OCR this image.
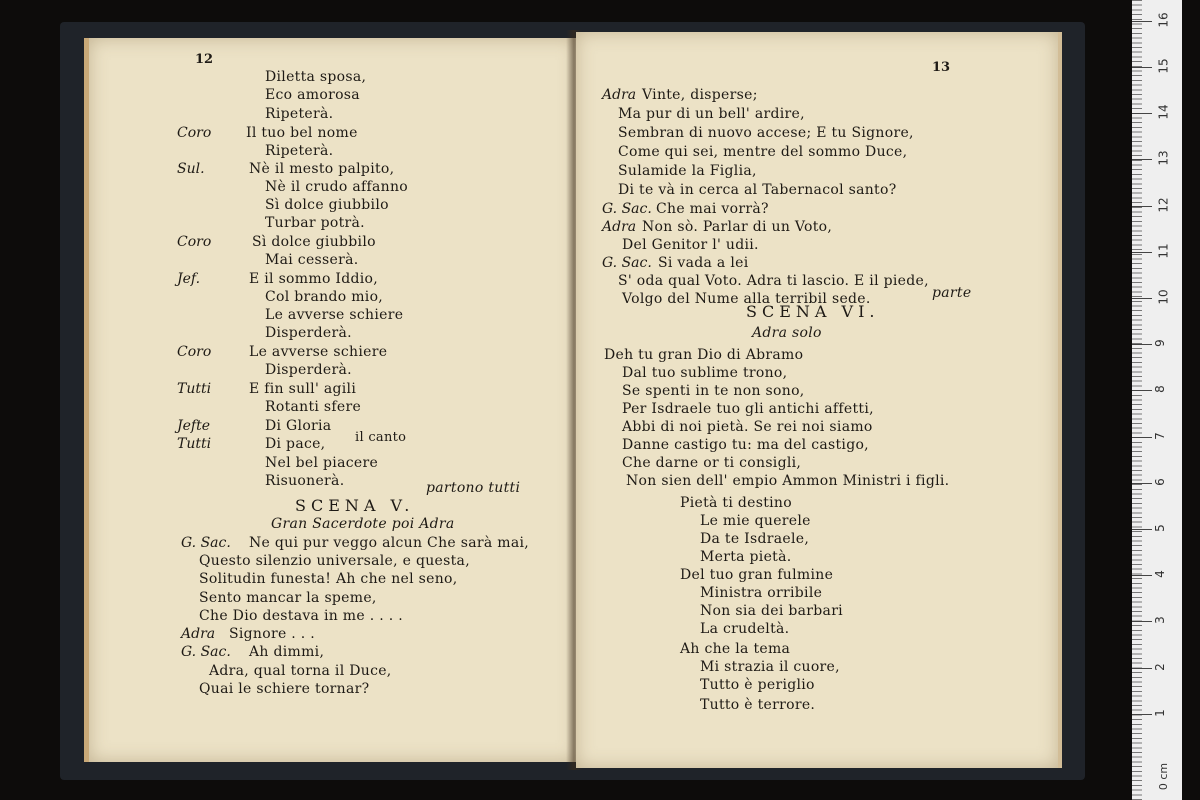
12
Diletta sposa,
Eco amorosa
Ripeterà.
Coro Il tuo bel nome
Ripeterà.
Sul.	Nè il mesto palpito,
Nè il crudo affanno
Sì dolce giubbilo
Turbar potrà.
Coro	Sì dolce giubbilo
Mai cesserà.
Jef.	E il sommo Iddio,
Col brando mio,
Le avverse schiere
Disperderà.
Coro	Le avverse schiere
Disperderà.
Tutti	E fin sull' agili
Rotanti sfere
Jefte	Di Gloria
Tutti	Di pace,
Nel bel piacere
Risuonerà.
il canto
partono tutti
SCENA V.
Gran Sacerdote poi Adra
G. Sac. Ne qui pur veggo alcun Che sarà mai,
Questo silenzio universale, e questa,
Solitudin funesta! Ah che nel seno,
Sento mancar la speme,
Che Dio destava in me . . . .
Adra Signore . . .
G. Sac. Ah dimmi,
Adra, qual torna il Duce,
Quai le schiere tornar?
13
Adra Vinte, disperse;
Ma pur di un bell' ardire,
Sembran di nuovo accese; E tu Signore,
Come qui sei, mentre del sommo Duce,
Sulamide la Figlia,
Di te và in cerca al Tabernacol santo?
G. Sac. Che mai vorrà?
Adra Non sò. Parlar di un Voto,
Del Genitor l' udii.
G. Sac. Si vada a lei
S' oda qual Voto. Adra ti lascio. E il piede,
Volgo del Nume alla terribil sede.	parte
SCENA VI.
Adra solo
Deh tu gran Dio di Abramo
Dal tuo sublime trono,
Se spenti in te non sono,
Per Isdraele tuo gli antichi affetti,
Abbi di noi pietà. Se rei noi siamo
Danne castigo tu: ma del castigo,
Che darne or ti consigli,
Non sien dell' empio Ammon Ministri i figli.
Pietà ti destino
Le mie querele
Da te Isdraele,
Merta pietà.
Del tuo gran fulmine
Ministra orribile
Non sia dei barbari
La crudeltà.
Ah che la tema
Mi strazia il cuore,
Tutto è periglio
Tutto è terrore.
0 cm
1
2
3
4
5
6
7
8
9
10
11
12
13
14
15
16
